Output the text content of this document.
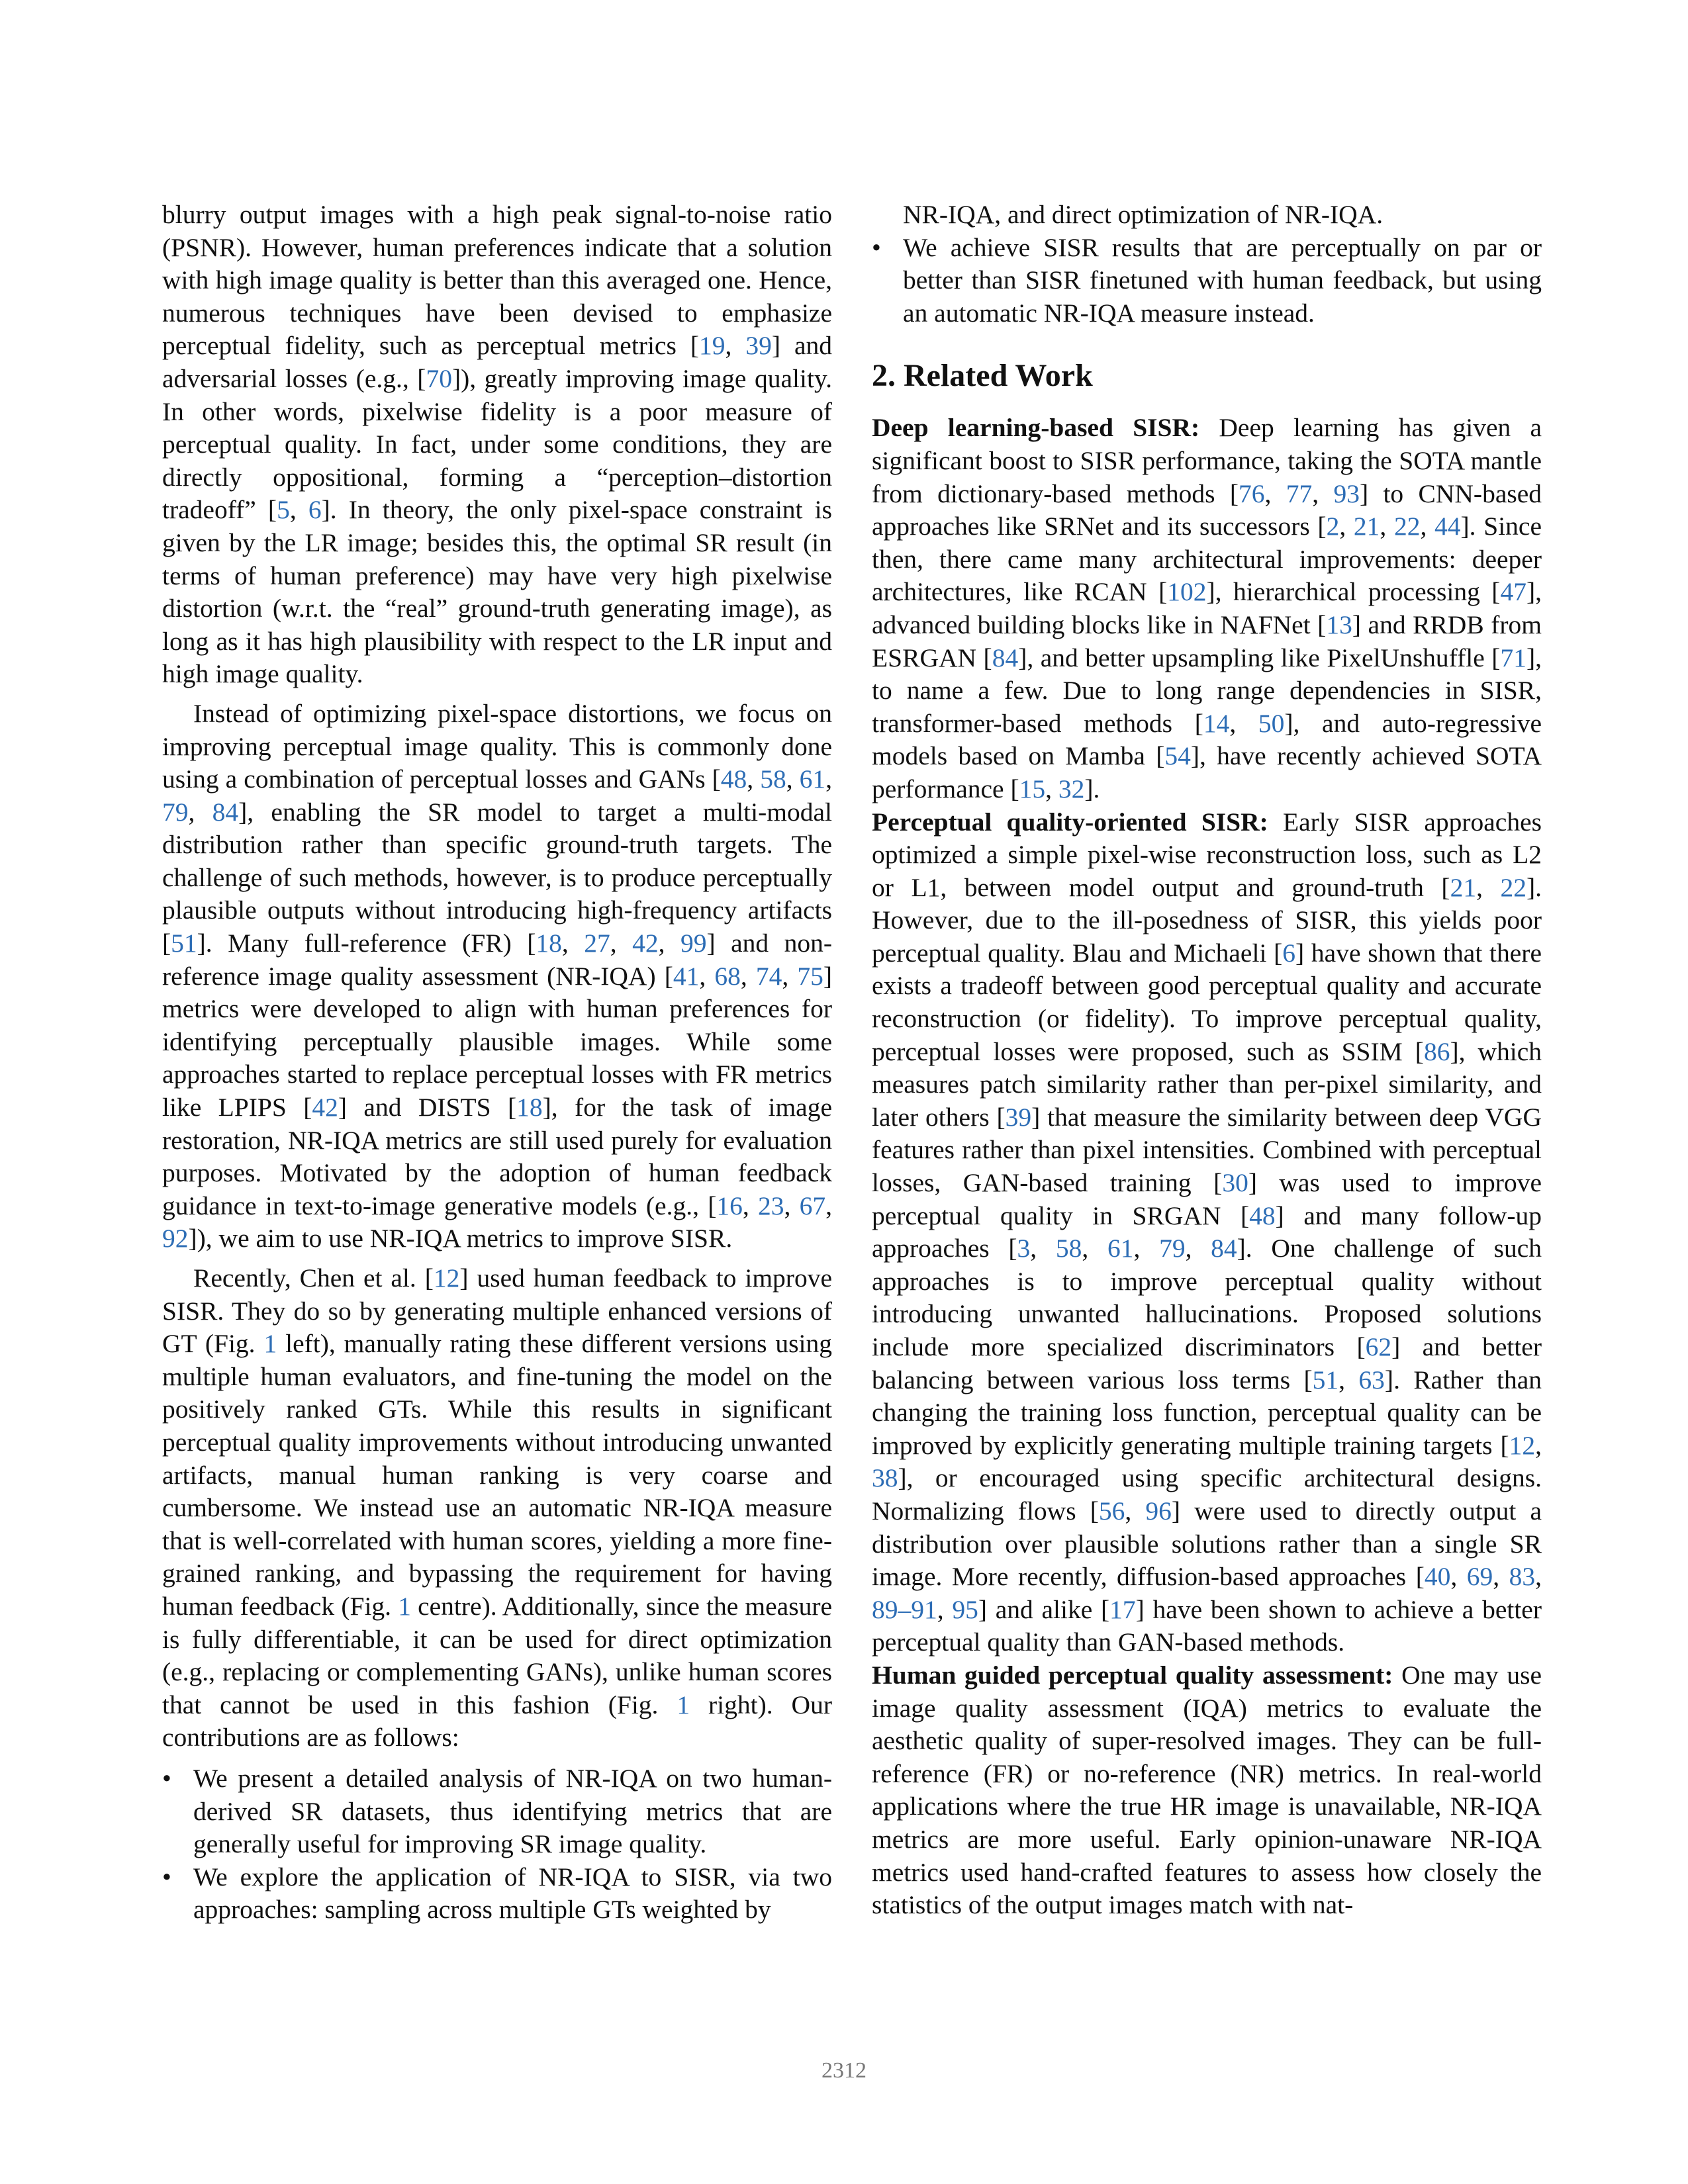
blurry output images with a high peak signal-to-noise ratio (PSNR). However, human preferences indicate that a solution with high image quality is better than this averaged one. Hence, numerous techniques have been devised to emphasize perceptual fidelity, such as perceptual metrics [19, 39] and adversarial losses (e.g., [70]), greatly improving image quality. In other words, pixelwise fidelity is a poor measure of perceptual quality. In fact, under some conditions, they are directly oppositional, forming a “perception–distortion tradeoff” [5, 6]. In theory, the only pixel-space constraint is given by the LR image; besides this, the optimal SR result (in terms of human preference) may have very high pixelwise distortion (w.r.t. the “real” ground-truth generating image), as long as it has high plausibility with respect to the LR input and high image quality.

Instead of optimizing pixel-space distortions, we focus on improving perceptual image quality. This is commonly done using a combination of perceptual losses and GANs [48, 58, 61, 79, 84], enabling the SR model to target a multi-modal distribution rather than specific ground-truth targets. The challenge of such methods, however, is to produce perceptually plausible outputs without introducing high-frequency artifacts [51]. Many full-reference (FR) [18, 27, 42, 99] and non-reference image quality assessment (NR-IQA) [41, 68, 74, 75] metrics were developed to align with human preferences for identifying perceptually plausible images. While some approaches started to replace perceptual losses with FR metrics like LPIPS [42] and DISTS [18], for the task of image restoration, NR-IQA metrics are still used purely for evaluation purposes. Motivated by the adoption of human feedback guidance in text-to-image generative models (e.g., [16, 23, 67, 92]), we aim to use NR-IQA metrics to improve SISR.

Recently, Chen et al. [12] used human feedback to improve SISR. They do so by generating multiple enhanced versions of GT (Fig. 1 left), manually rating these different versions using multiple human evaluators, and fine-tuning the model on the positively ranked GTs. While this results in significant perceptual quality improvements without introducing unwanted artifacts, manual human ranking is very coarse and cumbersome. We instead use an automatic NR-IQA measure that is well-correlated with human scores, yielding a more fine-grained ranking, and bypassing the requirement for having human feedback (Fig. 1 centre). Additionally, since the measure is fully differentiable, it can be used for direct optimization (e.g., replacing or complementing GANs), unlike human scores that cannot be used in this fashion (Fig. 1 right). Our contributions are as follows:

• We present a detailed analysis of NR-IQA on two human-derived SR datasets, thus identifying metrics that are generally useful for improving SR image quality.
• We explore the application of NR-IQA to SISR, via two approaches: sampling across multiple GTs weighted by
NR-IQA, and direct optimization of NR-IQA.
• We achieve SISR results that are perceptually on par or better than SISR finetuned with human feedback, but using an automatic NR-IQA measure instead.
2. Related Work

Deep learning-based SISR: Deep learning has given a significant boost to SISR performance, taking the SOTA mantle from dictionary-based methods [76, 77, 93] to CNN-based approaches like SRNet and its successors [2, 21, 22, 44]. Since then, there came many architectural improvements: deeper architectures, like RCAN [102], hierarchical processing [47], advanced building blocks like in NAFNet [13] and RRDB from ESRGAN [84], and better upsampling like PixelUnshuffle [71], to name a few. Due to long range dependencies in SISR, transformer-based methods [14, 50], and auto-regressive models based on Mamba [54], have recently achieved SOTA performance [15, 32].

Perceptual quality-oriented SISR: Early SISR approaches optimized a simple pixel-wise reconstruction loss, such as L2 or L1, between model output and ground-truth [21, 22]. However, due to the ill-posedness of SISR, this yields poor perceptual quality. Blau and Michaeli [6] have shown that there exists a tradeoff between good perceptual quality and accurate reconstruction (or fidelity). To improve perceptual quality, perceptual losses were proposed, such as SSIM [86], which measures patch similarity rather than per-pixel similarity, and later others [39] that measure the similarity between deep VGG features rather than pixel intensities. Combined with perceptual losses, GAN-based training [30] was used to improve perceptual quality in SRGAN [48] and many follow-up approaches [3, 58, 61, 79, 84]. One challenge of such approaches is to improve perceptual quality without introducing unwanted hallucinations. Proposed solutions include more specialized discriminators [62] and better balancing between various loss terms [51, 63]. Rather than changing the training loss function, perceptual quality can be improved by explicitly generating multiple training targets [12, 38], or encouraged using specific architectural designs. Normalizing flows [56, 96] were used to directly output a distribution over plausible solutions rather than a single SR image. More recently, diffusion-based approaches [40, 69, 83, 89–91, 95] and alike [17] have been shown to achieve a better perceptual quality than GAN-based methods.

Human guided perceptual quality assessment: One may use image quality assessment (IQA) metrics to evaluate the aesthetic quality of super-resolved images. They can be full-reference (FR) or no-reference (NR) metrics. In real-world applications where the true HR image is unavailable, NR-IQA metrics are more useful. Early opinion-unaware NR-IQA metrics used hand-crafted features to assess how closely the statistics of the output images match with nat-

2312
